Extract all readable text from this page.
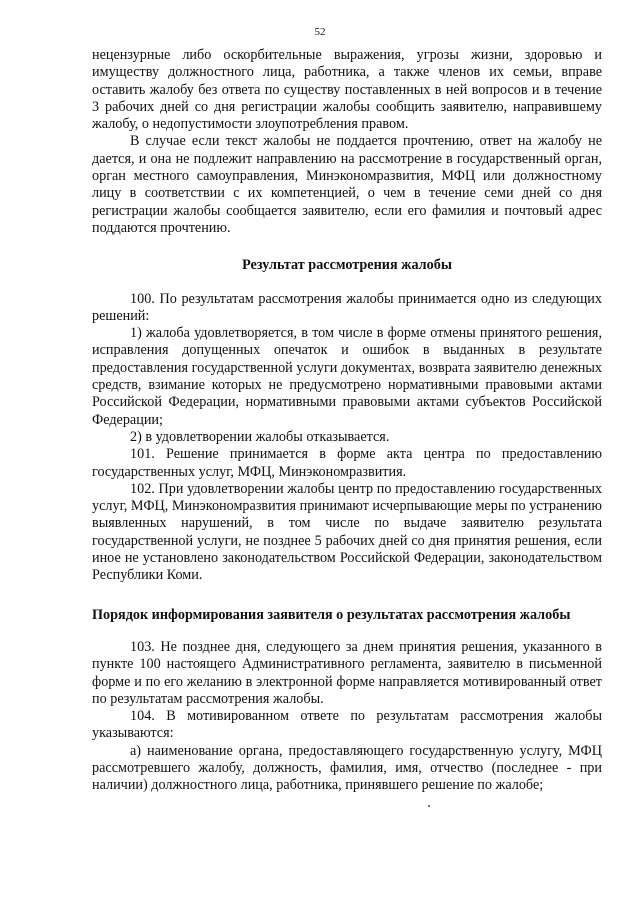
52

нецензурные либо оскорбительные выражения, угрозы жизни, здоровью и имуществу должностного лица, работника, а также членов их семьи, вправе оставить жалобу без ответа по существу поставленных в ней вопросов и в течение 3 рабочих дней со дня регистрации жалобы сообщить заявителю, направившему жалобу, о недопустимости злоупотребления правом.

В случае если текст жалобы не поддается прочтению, ответ на жалобу не дается, и она не подлежит направлению на рассмотрение в государственный орган, орган местного самоуправления, Минэкономразвития, МФЦ или должностному лицу в соответствии с их компетенцией, о чем в течение семи дней со дня регистрации жалобы сообщается заявителю, если его фамилия и почтовый адрес поддаются прочтению.

Результат рассмотрения жалобы

100. По результатам рассмотрения жалобы принимается одно из следующих решений:

1) жалоба удовлетворяется, в том числе в форме отмены принятого решения, исправления допущенных опечаток и ошибок в выданных в результате предоставления государственной услуги документах, возврата заявителю денежных средств, взимание которых не предусмотрено нормативными правовыми актами Российской Федерации, нормативными правовыми актами субъектов Российской Федерации;

2) в удовлетворении жалобы отказывается.

101. Решение принимается в форме акта центра по предоставлению государственных услуг, МФЦ, Минэкономразвития.

102. При удовлетворении жалобы центр по предоставлению государственных услуг, МФЦ, Минэкономразвития принимают исчерпывающие меры по устранению выявленных нарушений, в том числе по выдаче заявителю результата государственной услуги, не позднее 5 рабочих дней со дня принятия решения, если иное не установлено законодательством Российской Федерации, законодательством Республики Коми.

Порядок информирования заявителя о результатах рассмотрения жалобы

103. Не позднее дня, следующего за днем принятия решения, указанного в пункте 100 настоящего Административного регламента, заявителю в письменной форме и по его желанию в электронной форме направляется мотивированный ответ по результатам рассмотрения жалобы.

104. В мотивированном ответе по результатам рассмотрения жалобы указываются:

а) наименование органа, предоставляющего государственную услугу, МФЦ рассмотревшего жалобу, должность, фамилия, имя, отчество (последнее - при наличии) должностного лица, работника, принявшего решение по жалобе;
